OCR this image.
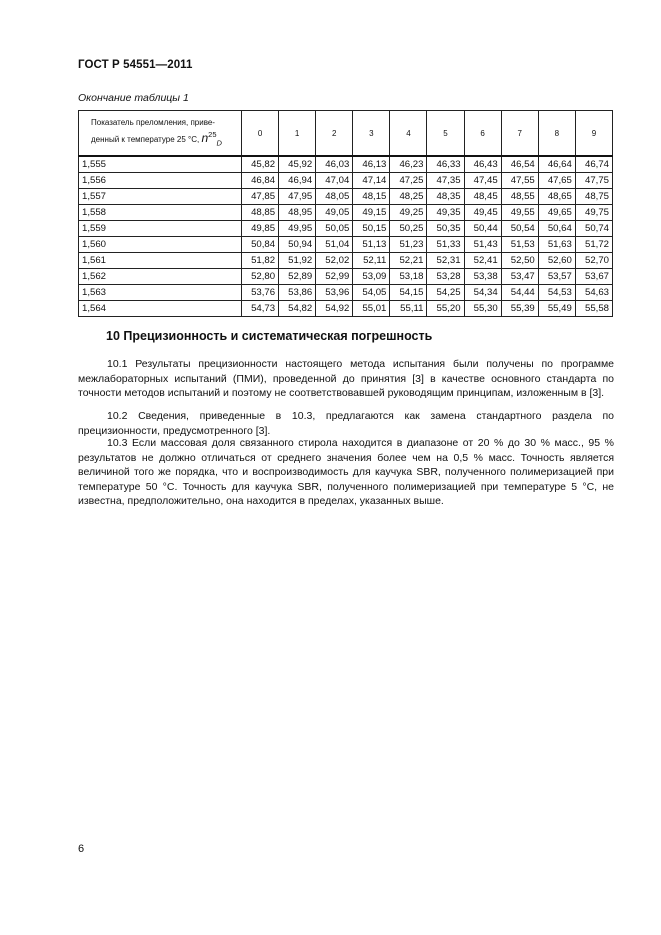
ГОСТ Р 54551—2011
Окончание таблицы 1
Показатель преломления, приве-денный к температуре 25 °С, $n^{25}_D$	0	1	2	3	4	5	6	7	8	9
1,555	45,82	45,92	46,03	46,13	46,23	46,33	46,43	46,54	46,64	46,74
1,556	46,84	46,94	47,04	47,14	47,25	47,35	47,45	47,55	47,65	47,75
1,557	47,85	47,95	48,05	48,15	48,25	48,35	48,45	48,55	48,65	48,75
1,558	48,85	48,95	49,05	49,15	49,25	49,35	49,45	49,55	49,65	49,75
1,559	49,85	49,95	50,05	50,15	50,25	50,35	50,44	50,54	50,64	50,74
1,560	50,84	50,94	51,04	51,13	51,23	51,33	51,43	51,53	51,63	51,72
1,561	51,82	51,92	52,02	52,11	52,21	52,31	52,41	52,50	52,60	52,70
1,562	52,80	52,89	52,99	53,09	53,18	53,28	53,38	53,47	53,57	53,67
1,563	53,76	53,86	53,96	54,05	54,15	54,25	54,34	54,44	54,53	54,63
1,564	54,73	54,82	54,92	55,01	55,11	55,20	55,30	55,39	55,49	55,58
10 Прецизионность и систематическая погрешность

10.1 Результаты прецизионности настоящего метода испытания были получены по программе межлабораторных испытаний (ПМИ), проведенной до принятия [3] в качестве основного стандарта по точности методов испытаний и поэтому не соответствовавшей руководящим принципам, изложенным в [3].

10.2 Сведения, приведенные в 10.3, предлагаются как замена стандартного раздела по прецизионности, предусмотренного [3].

10.3 Если массовая доля связанного стирола находится в диапазоне от 20 % до 30 % масс., 95 % результатов не должно отличаться от среднего значения более чем на 0,5 % масс. Точность является величиной того же порядка, что и воспроизводимость для каучука SBR, полученного полимеризацией при температуре 50 °С. Точность для каучука SBR, полученного полимеризацией при температуре 5 °С, не известна, предположительно, она находится в пределах, указанных выше.

6
